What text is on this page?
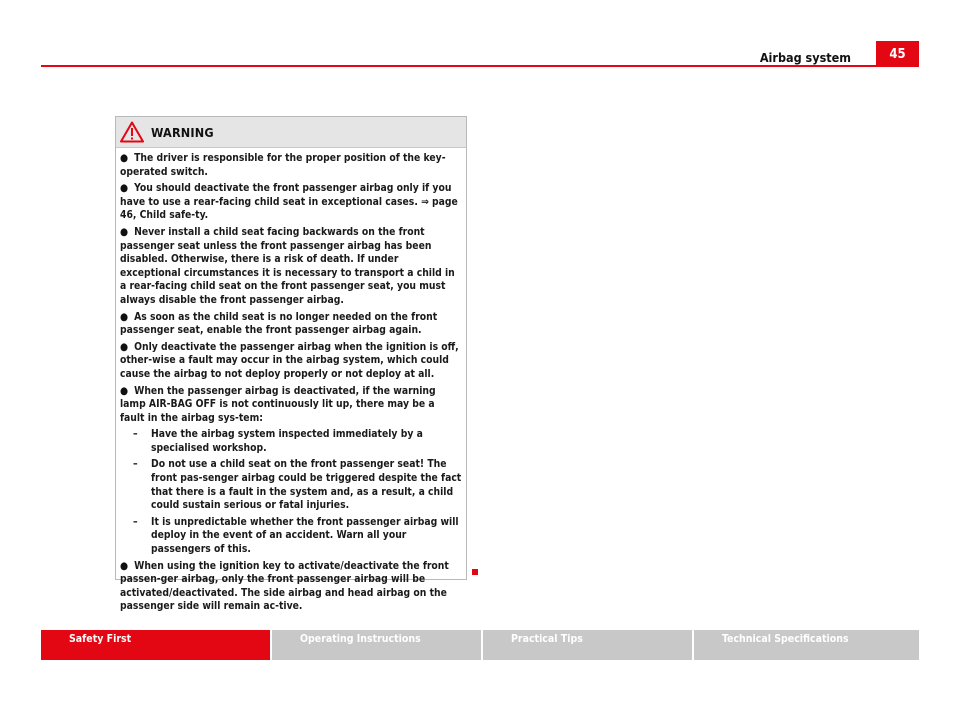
Airbag system	45
WARNING
● The driver is responsible for the proper position of the key-operated switch.
● You should deactivate the front passenger airbag only if you have to use a rear-facing child seat in exceptional cases. ⇒ page 46, Child safe-ty.
● Never install a child seat facing backwards on the front passenger seat unless the front passenger airbag has been disabled. Otherwise, there is a risk of death. If under exceptional circumstances it is necessary to transport a child in a rear-facing child seat on the front passenger seat, you must always disable the front passenger airbag.
● As soon as the child seat is no longer needed on the front passenger seat, enable the front passenger airbag again.
● Only deactivate the passenger airbag when the ignition is off, other-wise a fault may occur in the airbag system, which could cause the airbag to not deploy properly or not deploy at all.
● When the passenger airbag is deactivated, if the warning lamp AIR-BAG OFF is not continuously lit up, there may be a fault in the airbag sys-tem:
– Have the airbag system inspected immediately by a specialised workshop.
– Do not use a child seat on the front passenger seat! The front pas-senger airbag could be triggered despite the fact that there is a fault in the system and, as a result, a child could sustain serious or fatal injuries.
– It is unpredictable whether the front passenger airbag will deploy in the event of an accident. Warn all your passengers of this.
● When using the ignition key to activate/deactivate the front passen-ger airbag, only the front passenger airbag will be activated/deactivated. The side airbag and head airbag on the passenger side will remain ac-tive.
Safety First	Operating Instructions	Practical Tips	Technical Specifications
